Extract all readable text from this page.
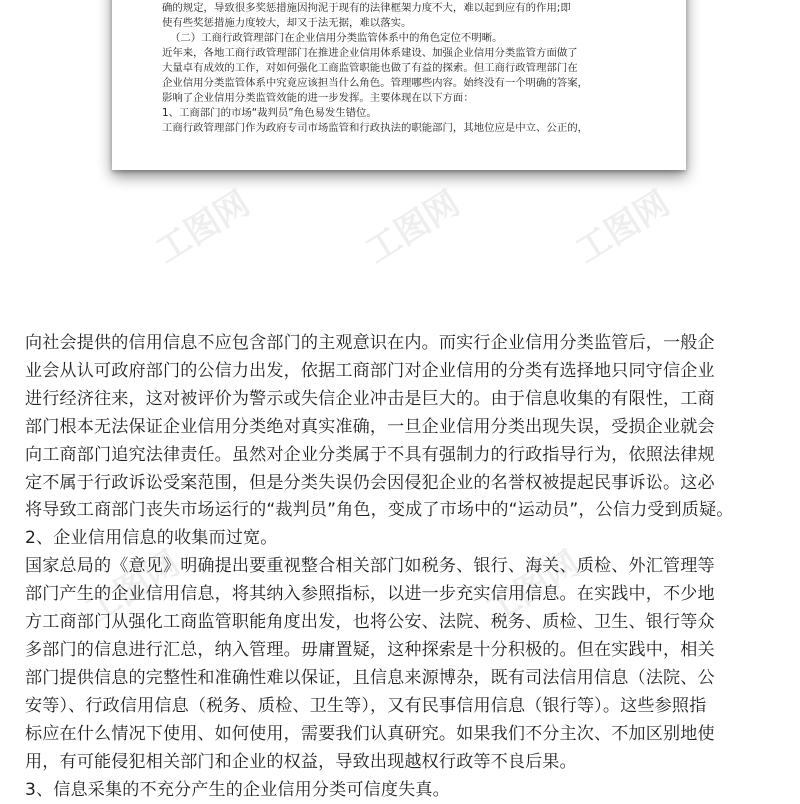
确的规定，导致很多奖惩措施因拘泥于现有的法律框架力度不大，难以起到应有的作用;即

使有些奖惩措施力度较大，却又于法无据，难以落实。

（二）工商行政管理部门在企业信用分类监管体系中的角色定位不明晰。

近年来，各地工商行政管理部门在推进企业信用体系建设、加强企业信用分类监管方面做了

大量卓有成效的工作，对如何强化工商监管职能也做了有益的探索。但工商行政管理部门在

企业信用分类监管体系中究竟应该担当什么角色。管理哪些内容。始终没有一个明确的答案，

影响了企业信用分类监管效能的进一步发挥。主要体现在以下方面：

1、工商部门的市场“裁判员”角色易发生错位。

工商行政管理部门作为政府专司市场监管和行政执法的职能部门，其地位应是中立、公正的，

工图网	工图网	工图网
工图网	工图网
向社会提供的信用信息不应包含部门的主观意识在内。而实行企业信用分类监管后，一般企
业会从认可政府部门的公信力出发，依据工商部门对企业信用的分类有选择地只同守信企业
进行经济往来，这对被评价为警示或失信企业冲击是巨大的。由于信息收集的有限性，工商
部门根本无法保证企业信用分类绝对真实准确，一旦企业信用分类出现失误，受损企业就会
向工商部门追究法律责任。虽然对企业分类属于不具有强制力的行政指导行为，依照法律规
定不属于行政诉讼受案范围，但是分类失误仍会因侵犯企业的名誉权被提起民事诉讼。这必
将导致工商部门丧失市场运行的“裁判员”角色，变成了市场中的“运动员”，公信力受到质疑。
2、企业信用信息的收集而过宽。
国家总局的《意见》明确提出要重视整合相关部门如税务、银行、海关、质检、外汇管理等
部门产生的企业信用信息，将其纳入参照指标，以进一步充实信用信息。在实践中，不少地
方工商部门从强化工商监管职能角度出发，也将公安、法院、税务、质检、卫生、银行等众
多部门的信息进行汇总，纳入管理。毋庸置疑，这种探索是十分积极的。但在实践中，相关
部门提供信息的完整性和准确性难以保证，且信息来源博杂，既有司法信用信息（法院、公
安等）、行政信用信息（税务、质检、卫生等），又有民事信用信息（银行等）。这些参照指
标应在什么情况下使用、如何使用，需要我们认真研究。如果我们不分主次、不加区别地使
用，有可能侵犯相关部门和企业的权益，导致出现越权行政等不良后果。
3、信息采集的不充分产生的企业信用分类可信度失真。
